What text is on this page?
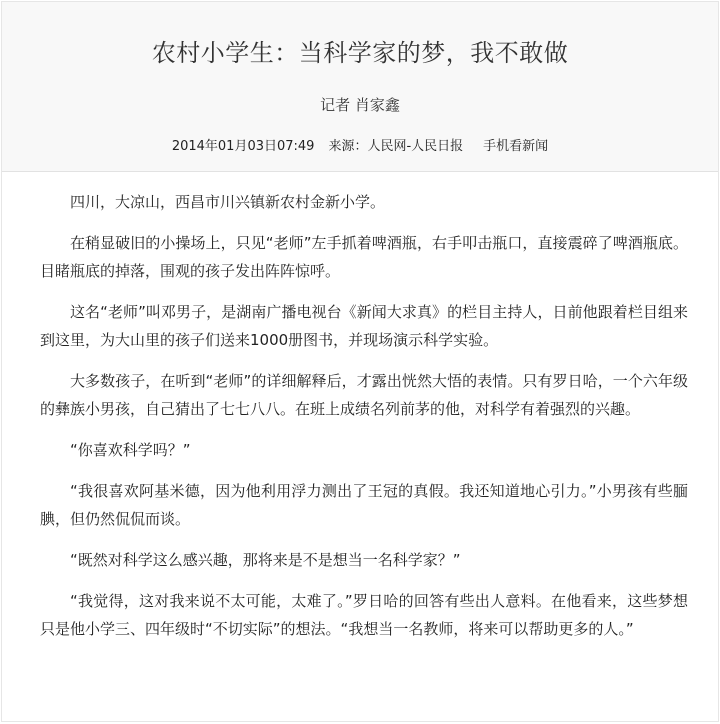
农村小学生：当科学家的梦，我不敢做
记者 肖家鑫
2014年01月03日07:49 来源：人民网-人民日报 手机看新闻

四川，大凉山，西昌市川兴镇新农村金新小学。

在稍显破旧的小操场上，只见“老师”左手抓着啤酒瓶，右手叩击瓶口，直接震碎了啤酒瓶底。目睹瓶底的掉落，围观的孩子发出阵阵惊呼。

这名“老师”叫邓男子，是湖南广播电视台《新闻大求真》的栏目主持人，日前他跟着栏目组来到这里，为大山里的孩子们送来1000册图书，并现场演示科学实验。

大多数孩子，在听到“老师”的详细解释后，才露出恍然大悟的表情。只有罗日哈，一个六年级的彝族小男孩，自己猜出了七七八八。在班上成绩名列前茅的他，对科学有着强烈的兴趣。

“你喜欢科学吗？”

“我很喜欢阿基米德，因为他利用浮力测出了王冠的真假。我还知道地心引力。”小男孩有些腼腆，但仍然侃侃而谈。

“既然对科学这么感兴趣，那将来是不是想当一名科学家？”

“我觉得，这对我来说不太可能，太难了。”罗日哈的回答有些出人意料。在他看来，这些梦想只是他小学三、四年级时“不切实际”的想法。“我想当一名教师，将来可以帮助更多的人。”
